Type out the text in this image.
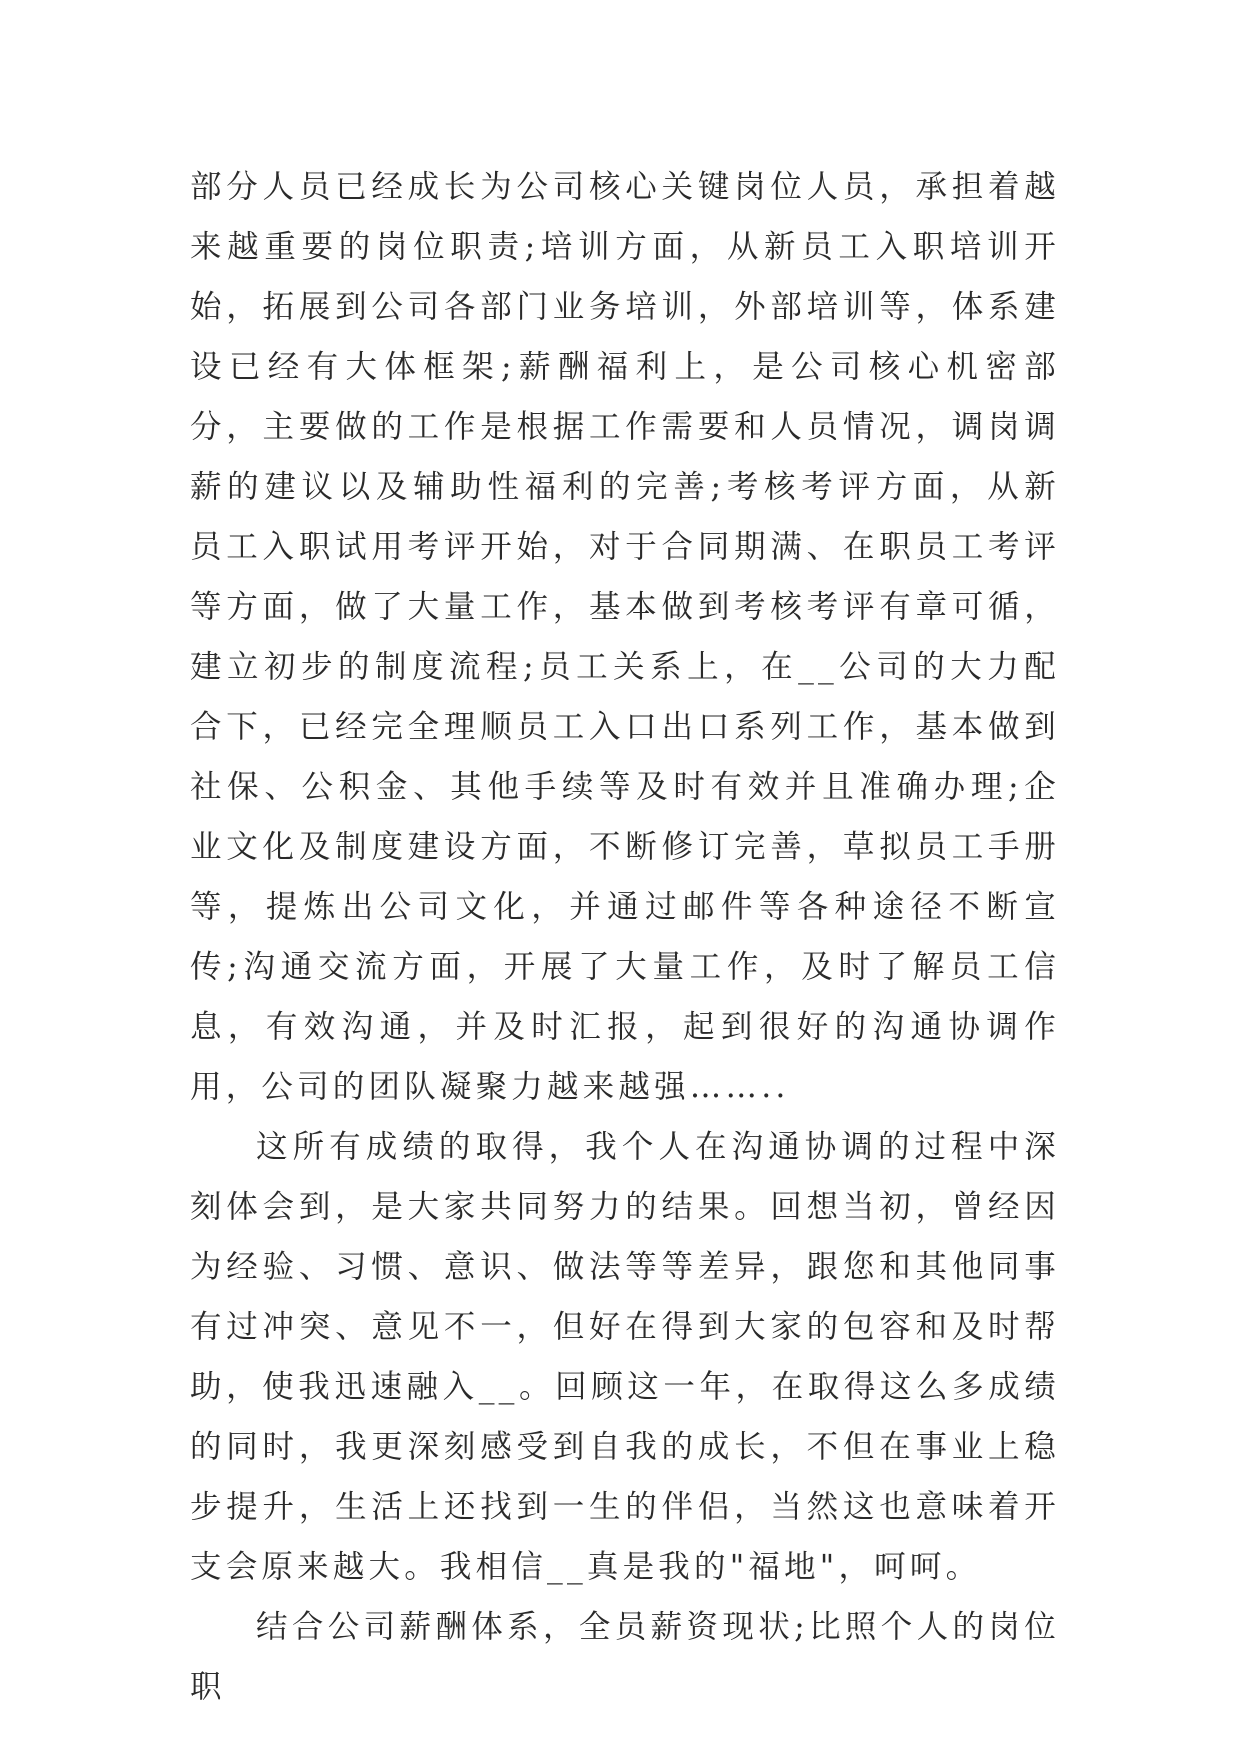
部分人员已经成长为公司核心关键岗位人员，承担着越来越重要的岗位职责;培训方面，从新员工入职培训开始，拓展到公司各部门业务培训，外部培训等，体系建设已经有大体框架;薪酬福利上，是公司核心机密部分，主要做的工作是根据工作需要和人员情况，调岗调薪的建议以及辅助性福利的完善;考核考评方面，从新员工入职试用考评开始，对于合同期满、在职员工考评等方面，做了大量工作，基本做到考核考评有章可循，建立初步的制度流程;员工关系上，在__公司的大力配合下，已经完全理顺员工入口出口系列工作，基本做到社保、公积金、其他手续等及时有效并且准确办理;企业文化及制度建设方面，不断修订完善，草拟员工手册等，提炼出公司文化，并通过邮件等各种途径不断宣传;沟通交流方面，开展了大量工作，及时了解员工信息，有效沟通，并及时汇报，起到很好的沟通协调作用，公司的团队凝聚力越来越强……..

这所有成绩的取得，我个人在沟通协调的过程中深刻体会到，是大家共同努力的结果。回想当初，曾经因为经验、习惯、意识、做法等等差异，跟您和其他同事有过冲突、意见不一，但好在得到大家的包容和及时帮助，使我迅速融入__。回顾这一年，在取得这么多成绩的同时，我更深刻感受到自我的成长，不但在事业上稳步提升，生活上还找到一生的伴侣，当然这也意味着开支会原来越大。我相信__真是我的"福地"，呵呵。

结合公司薪酬体系，全员薪资现状;比照个人的岗位职
